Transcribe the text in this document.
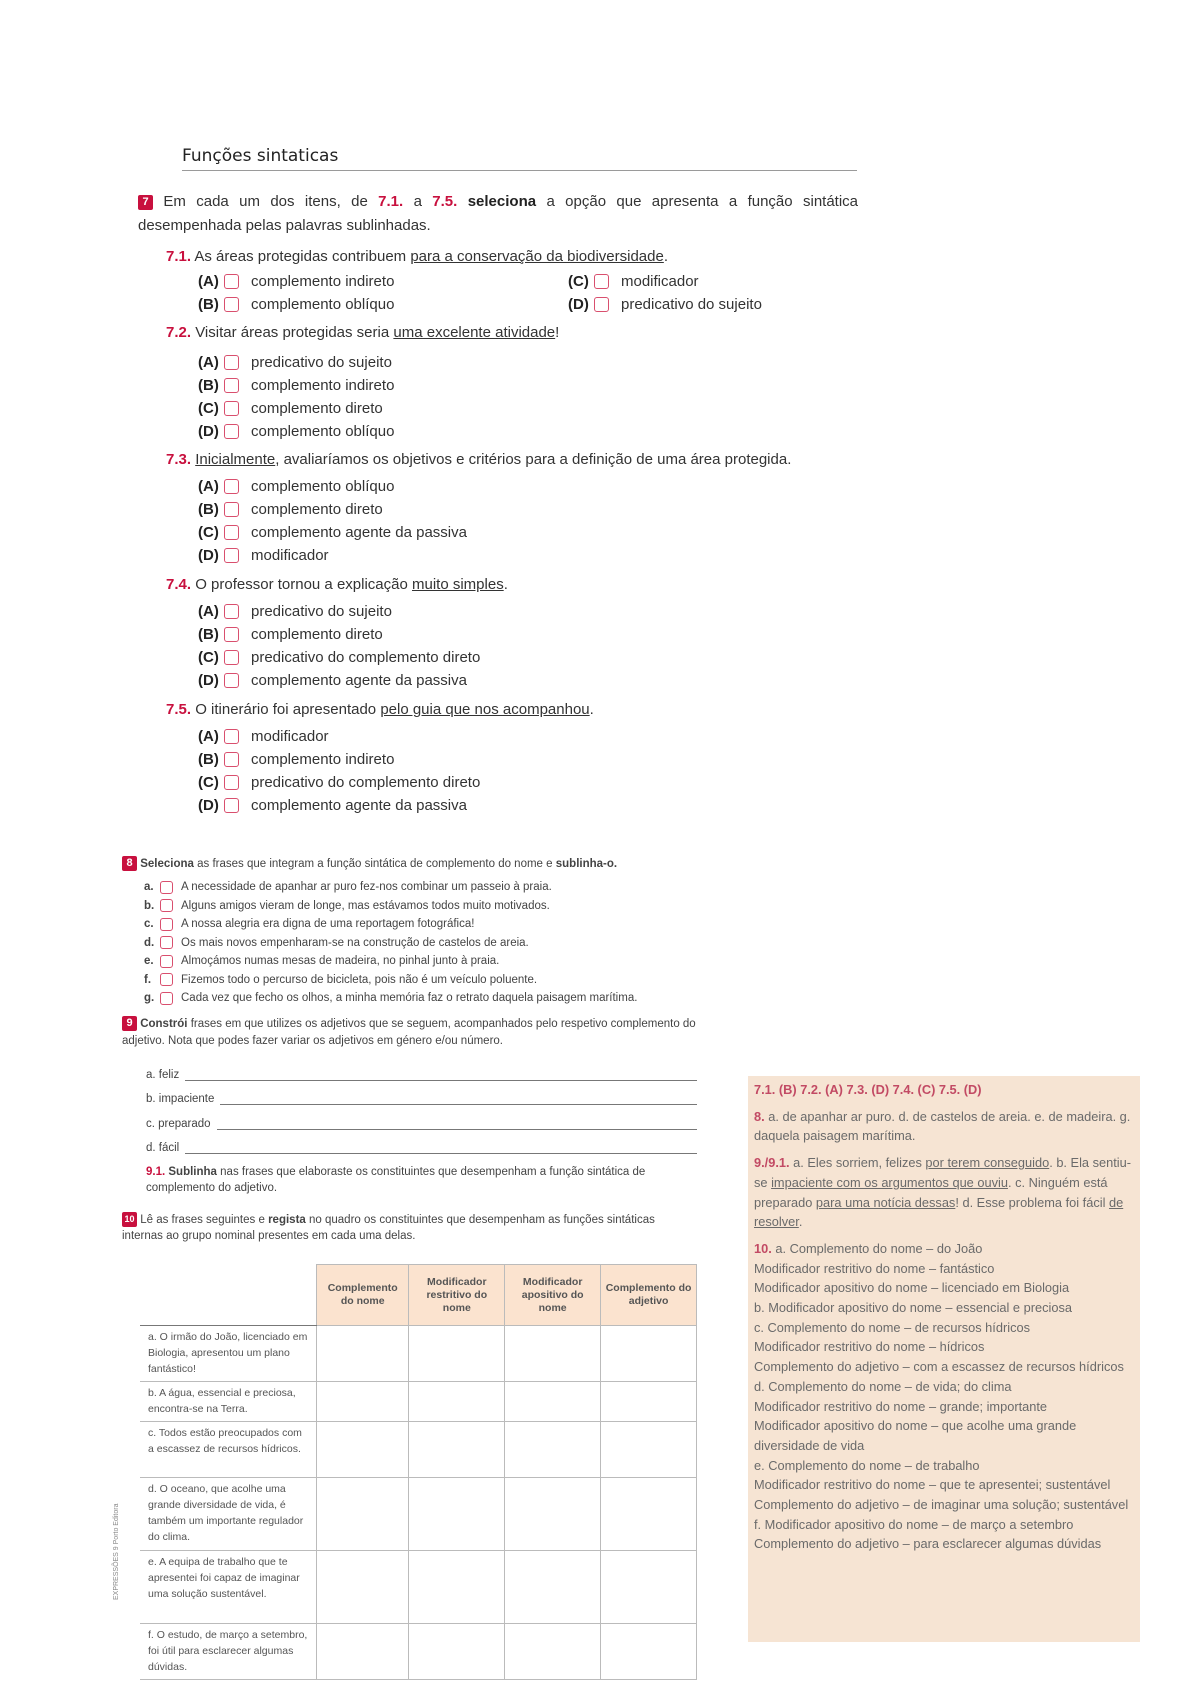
Funções sintaticas
7 Em cada um dos itens, de 7.1. a 7.5. seleciona a opção que apresenta a função sintática desempenhada pelas palavras sublinhadas.
7.1. As áreas protegidas contribuem para a conservação da biodiversidade.
(A)	complemento indireto	(C)	modificador
(B)	complemento oblíquo	(D)	predicativo do sujeito
7.2. Visitar áreas protegidas seria uma excelente atividade!
(A)	predicativo do sujeito
(B)	complemento indireto
(C)	complemento direto
(D)	complemento oblíquo
7.3. Inicialmente, avaliaríamos os objetivos e critérios para a definição de uma área protegida.
(A)	complemento oblíquo
(B)	complemento direto
(C)	complemento agente da passiva
(D)	modificador
7.4. O professor tornou a explicação muito simples.
(A)	predicativo do sujeito
(B)	complemento direto
(C)	predicativo do complemento direto
(D)	complemento agente da passiva
7.5. O itinerário foi apresentado pelo guia que nos acompanhou.
(A)	modificador
(B)	complemento indireto
(C)	predicativo do complemento direto
(D)	complemento agente da passiva
8 Seleciona as frases que integram a função sintática de complemento do nome e sublinha-o.
a.	A necessidade de apanhar ar puro fez-nos combinar um passeio à praia.
b.	Alguns amigos vieram de longe, mas estávamos todos muito motivados.
c.	A nossa alegria era digna de uma reportagem fotográfica!
d.	Os mais novos empenharam-se na construção de castelos de areia.
e.	Almoçámos numas mesas de madeira, no pinhal junto à praia.
f.	Fizemos todo o percurso de bicicleta, pois não é um veículo poluente.
g.	Cada vez que fecho os olhos, a minha memória faz o retrato daquela paisagem marítima.
9 Constrói frases em que utilizes os adjetivos que se seguem, acompanhados pelo respetivo complemento do adjetivo. Nota que podes fazer variar os adjetivos em género e/ou número.
a. feliz
b. impaciente
c. preparado
d. fácil
9.1. Sublinha nas frases que elaboraste os constituintes que desempenham a função sintática de complemento do adjetivo.
10 Lê as frases seguintes e regista no quadro os constituintes que desempenham as funções sintáticas internas ao grupo nominal presentes em cada uma delas.
	Complemento do nome	Modificador restritivo do nome	Modificador apositivo do nome	Complemento do adjetivo
a. O irmão do João, licenciado em Biologia, apresentou um plano fantástico!				
b. A água, essencial e preciosa, encontra-se na Terra.				
c. Todos estão preocupados com a escassez de recursos hídricos.				
d. O oceano, que acolhe uma grande diversidade de vida, é também um importante regulador do clima.				
e. A equipa de trabalho que te apresentei foi capaz de imaginar uma solução sustentável.				
f. O estudo, de março a setembro, foi útil para esclarecer algumas dúvidas.				

7.1. (B) 7.2. (A) 7.3. (D) 7.4. (C) 7.5. (D)

8. a. de apanhar ar puro. d. de castelos de areia. e. de madeira. g. daquela paisagem marítima.

9./9.1. a. Eles sorriem, felizes por terem conseguido. b. Ela sentiu-se impaciente com os argumentos que ouviu. c. Ninguém está preparado para uma notícia dessas! d. Esse problema foi fácil de resolver.

10. a. Complemento do nome – do João

Modificador restritivo do nome – fantástico

Modificador apositivo do nome – licenciado em Biologia

b. Modificador apositivo do nome – essencial e preciosa

c. Complemento do nome – de recursos hídricos

Modificador restritivo do nome – hídricos

Complemento do adjetivo – com a escassez de recursos hídricos

d. Complemento do nome – de vida; do clima

Modificador restritivo do nome – grande; importante

Modificador apositivo do nome – que acolhe uma grande diversidade de vida

e. Complemento do nome – de trabalho

Modificador restritivo do nome – que te apresentei; sustentável

Complemento do adjetivo – de imaginar uma solução; sustentável

f. Modificador apositivo do nome – de março a setembro

Complemento do adjetivo – para esclarecer algumas dúvidas

EXPRESSÕES 9 Porto Editora
